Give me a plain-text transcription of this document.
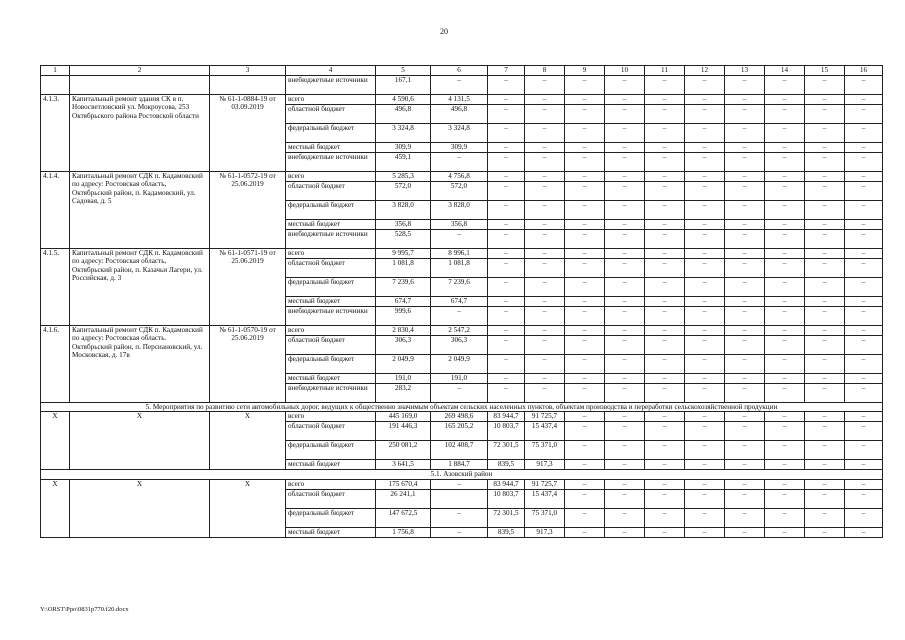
20
1	2	3	4	5	6	7	8	9	10	11	12	13	14	15	16
			внебюджетные источники	167,1	–	–	–	–	–	–	–	–	–	–	–
4.1.3.	Капитальный ремонт здания СК в п. Новосветловский ул. Мокроусова, 253 Октябрьского района Ростовской области	№ 61-1-0884-19 от 03.09.2019	всего	4 590,6	4 131,5	–	–	–	–	–	–	–	–	–	–
			областной бюджет	496,8	496,8	–	–	–	–	–	–	–	–	–	–
			федеральный бюджет	3 324,8	3 324,8	–	–	–	–	–	–	–	–	–	–
			местный бюджет	309,9	309,9	–	–	–	–	–	–	–	–	–	–
			внебюджетные источники	459,1	–	–	–	–	–	–	–	–	–	–	–
4.1.4.	Капитальный ремонт СДК п. Кадамовский по адресу: Ростовская область, Октябрьский район, п. Кадамовский, ул. Садовая, д. 5	№ 61-1-0572-19 от 25.06.2019	всего	5 285,3	4 756,8	–	–	–	–	–	–	–	–	–	–
			областной бюджет	572,0	572,0	–	–	–	–	–	–	–	–	–	–
			федеральный бюджет	3 828,0	3 828,0	–	–	–	–	–	–	–	–	–	–
			местный бюджет	356,8	356,8	–	–	–	–	–	–	–	–	–	–
			внебюджетные источники	528,5	–	–	–	–	–	–	–	–	–	–	–
4.1.5.	Капитальный ремонт СДК п. Кадамовский по адресу: Ростовская область, Октябрьский район, п. Казачьи Лагери, ул. Российская, д. 3	№ 61-1-0571-19 от 25.06.2019	всего	9 995,7	8 996,1	–	–	–	–	–	–	–	–	–	–
			областной бюджет	1 081,8	1 081,8	–	–	–	–	–	–	–	–	–	–
			федеральный бюджет	7 239,6	7 239,6	–	–	–	–	–	–	–	–	–	–
			местный бюджет	674,7	674,7	–	–	–	–	–	–	–	–	–	–
			внебюджетные источники	999,6	–	–	–	–	–	–	–	–	–	–	–
4.1.6.	Капитальный ремонт СДК п. Кадамовский по адресу: Ростовская область. Октябрьский район, п. Персиановский, ул. Московская, д. 17в	№ 61-1-0570-19 от 25.06.2019	всего	2 830,4	2 547,2	–	–	–	–	–	–	–	–	–	–
			областной бюджет	306,3	306,3	–	–	–	–	–	–	–	–	–	–
			федеральный бюджет	2 049,9	2 049,9	–	–	–	–	–	–	–	–	–	–
			местный бюджет	191,0	191,0	–	–	–	–	–	–	–	–	–	–
			внебюджетные источники	283,2	–	–	–	–	–	–	–	–	–	–	–
5. Мероприятия по развитию сети автомобильных дорог, ведущих к общественно значимым объектам сельских населенных пунктов, объектам производства и переработки сельскохозяйственной продукции															
Х	Х	Х	всего	445 169,0	269 498,6	83 944,7	91 725,7	–	–	–	–	–	–	–	–
			областной бюджет	191 446,3	165 205,2	10 803,7	15 437,4	–	–	–	–	–	–	–	–
			федеральный бюджет	250 081,2	102 408,7	72 301,5	75 371,0	–	–	–	–	–	–	–	–
			местный бюджет	3 641,5	1 884,7	839,5	917,3	–	–	–	–	–	–	–	–
5.1. Азовский район															
Х	Х	Х	всего	175 670,4	–	83 944,7	91 725,7	–	–	–	–	–	–	–	–
			областной бюджет	26 241,1		10 803,7	15 437,4	–	–	–	–	–	–	–	–
			федеральный бюджет	147 672,5	–	72 301,5	75 371,0	–	–	–	–	–	–	–	–
			местный бюджет	1 756,8	–	839,5	917,3	–	–	–	–	–	–	–	–
Y:\ORST\Ppo\0831p770.f20.docx
